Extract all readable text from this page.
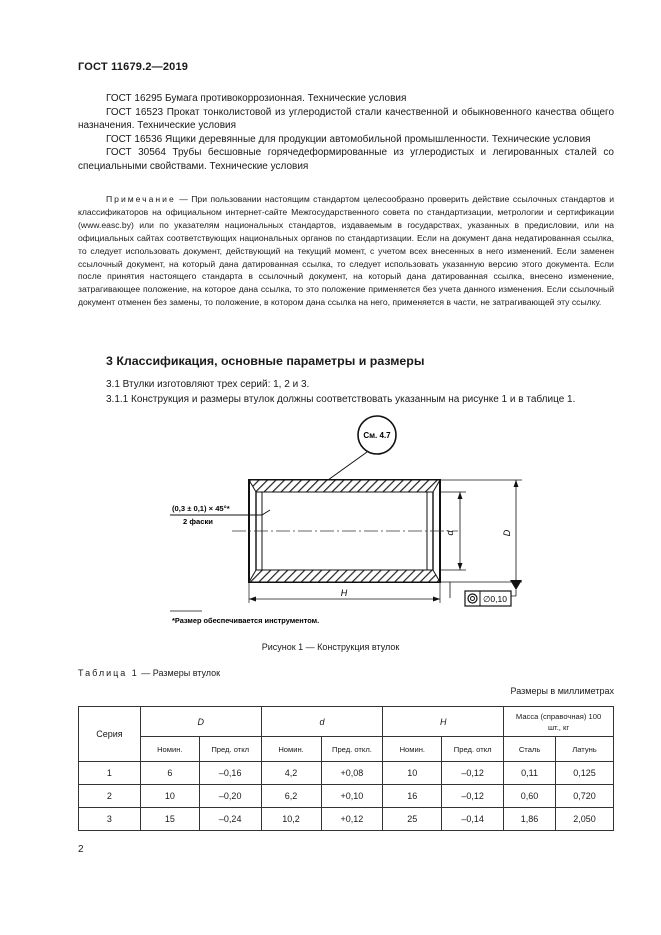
ГОСТ 11679.2—2019

ГОСТ 16295 Бумага противокоррозионная. Технические условия

ГОСТ 16523 Прокат тонколистовой из углеродистой стали качественной и обыкновенного качества общего назначения. Технические условия

ГОСТ 16536 Ящики деревянные для продукции автомобильной промышленности. Технические условия

ГОСТ 30564 Трубы бесшовные горячедеформированные из углеродистых и легированных сталей со специальными свойствами. Технические условия

Примечание — При пользовании настоящим стандартом целесообразно проверить действие ссылочных стандартов и классификаторов на официальном интернет-сайте Межгосударственного совета по стандартизации, метрологии и сертификации (www.easc.by) или по указателям национальных стандартов, издаваемым в государствах, указанных в предисловии, или на официальных сайтах соответствующих национальных органов по стандартизации. Если на документ дана недатированная ссылка, то следует использовать документ, действующий на текущий момент, с учетом всех внесенных в него изменений. Если заменен ссылочный документ, на который дана датированная ссылка, то следует использовать указанную версию этого документа. Если после принятия настоящего стандарта в ссылочный документ, на который дана датированная ссылка, внесено изменение, затрагивающее положение, на которое дана ссылка, то это положение применяется без учета данного изменения. Если ссылочный документ отменен без замены, то положение, в котором дана ссылка на него, применяется в части, не затрагивающей эту ссылку.

3 Классификация, основные параметры и размеры
3.1 Втулки изготовляют трех серий: 1, 2 и 3.
3.1.1 Конструкция и размеры втулок должны соответствовать указанным на рисунке 1 и в таблице 1.
См. 4.7
(0,3 ± 0,1) × 45°*
2 фаски
d	D
H
∅0,10
*Размер обеспечивается инструментом.
Рисунок 1 — Конструкция втулок
Таблица 1 — Размеры втулок
Размеры в миллиметрах
Серия	D		d		H		Масса (справочная) 100 шт., кг	
	Номин.	Пред. откл	Номин.	Пред. откл.	Номин.	Пред. откл	Сталь	Латунь
1	6	–0,16	4,2	+0,08	10	–0,12	0,11	0,125
2	10	–0,20	6,2	+0,10	16	–0,12	0,60	0,720
3	15	–0,24	10,2	+0,12	25	–0,14	1,86	2,050
2
